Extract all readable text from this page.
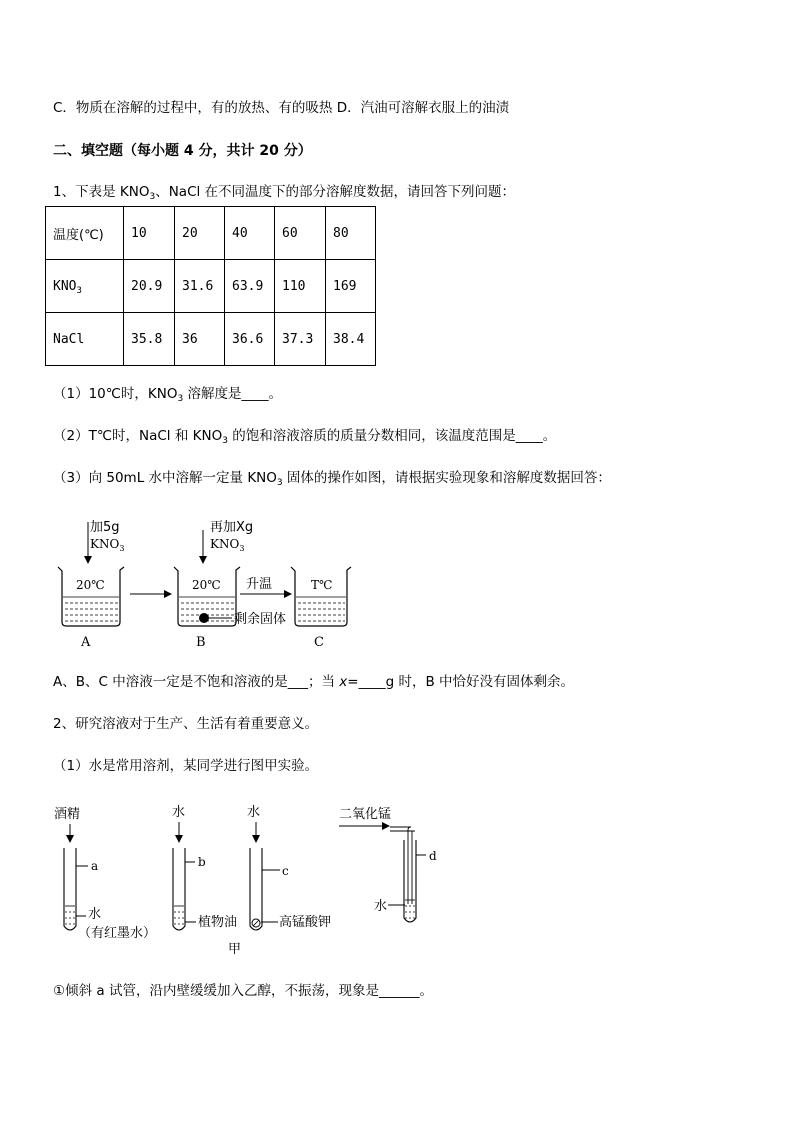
C．物质在溶解的过程中，有的放热、有的吸热 D．汽油可溶解衣服上的油渍
二、填空题（每小题 4 分，共计 20 分）
1、下表是 $KNO_3$、NaCl 在不同温度下的部分溶解度数据，请回答下列问题：
温度(℃)	10	20	40	60	80
$KNO_3$	20.9	31.6	63.9	110	169
NaCl	35.8	36	36.6	37.3	38.4
（1）10℃时，$KNO_3$ 溶解度是____。
（2）T℃时，NaCl 和 $KNO_3$ 的饱和溶液溶质的质量分数相同，该温度范围是____。
（3）向 50mL 水中溶解一定量 $KNO_3$ 固体的操作如图，请根据实验现象和溶解度数据回答：
加5g
$KNO_3$
20℃
A
再加Xg
$KNO_3$
20℃
剩余固体
B
升温	T℃
C
A、B、C 中溶液一定是不饱和溶液的是___；当 x=____g 时，B 中恰好没有固体剩余。
2、研究溶液对于生产、生活有着重要意义。
（1）水是常用溶剂，某同学进行图甲实验。
酒精
a
水
（有红墨水）
水
b
植物油
甲
水
c
高锰酸钾
二氧化锰
d
水
①倾斜 a 试管，沿内壁缓缓加入乙醇，不振荡，现象是______。
